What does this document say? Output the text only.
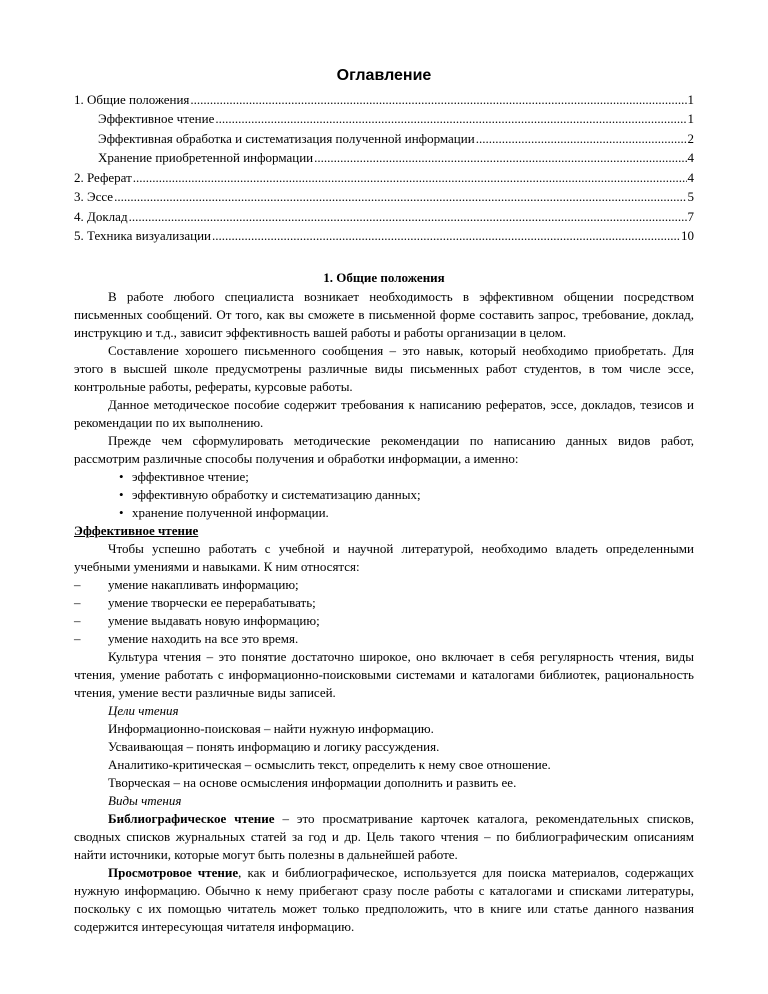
Оглавление
1. Общие положения .....	1
Эффективное чтение .....	1
Эффективная обработка и систематизация полученной информации .....	2
Хранение приобретенной информации .....	4
2. Реферат .....	4
3. Эссе .....	5
4. Доклад .....	7
5. Техника визуализации .....	10
1. Общие положения

В работе любого специалиста возникает необходимость в эффективном общении посредством письменных сообщений. От того, как вы сможете в письменной форме составить запрос, требование, доклад, инструкцию и т.д., зависит эффективность вашей работы и работы организации в целом.

Составление хорошего письменного сообщения – это навык, который необходимо приобретать. Для этого в высшей школе предусмотрены различные виды письменных работ студентов, в том числе эссе, контрольные работы, рефераты, курсовые работы.

Данное методическое пособие содержит требования к написанию рефератов, эссе, докладов, тезисов и рекомендации по их выполнению.

Прежде чем сформулировать методические рекомендации по написанию данных видов работ, рассмотрим различные способы получения и обработки информации, а именно:

• эффективное чтение;
• эффективную обработку и систематизацию данных;
• хранение полученной информации.
Эффективное чтение

Чтобы успешно работать с учебной и научной литературой, необходимо владеть определенными учебными умениями и навыками. К ним относятся:

– умение накапливать информацию;
– умение творчески ее перерабатывать;
– умение выдавать новую информацию;
– умение находить на все это время.

Культура чтения – это понятие достаточно широкое, оно включает в себя регулярность чтения, виды чтения, умение работать с информационно-поисковыми системами и каталогами библиотек, рациональность чтения, умение вести различные виды записей.

Цели чтения
Информационно-поисковая – найти нужную информацию.
Усваивающая – понять информацию и логику рассуждения.
Аналитико-критическая – осмыслить текст, определить к нему свое отношение.
Творческая – на основе осмысления информации дополнить и развить ее.
Виды чтения

Библиографическое чтение – это просматривание карточек каталога, рекомендательных списков, сводных списков журнальных статей за год и др. Цель такого чтения – по библиографическим описаниям найти источники, которые могут быть полезны в дальнейшей работе.

Просмотровое чтение, как и библиографическое, используется для поиска материалов, содержащих нужную информацию. Обычно к нему прибегают сразу после работы с каталогами и списками литературы, поскольку с их помощью читатель может только предположить, что в книге или статье данного названия содержится интересующая читателя информацию.
